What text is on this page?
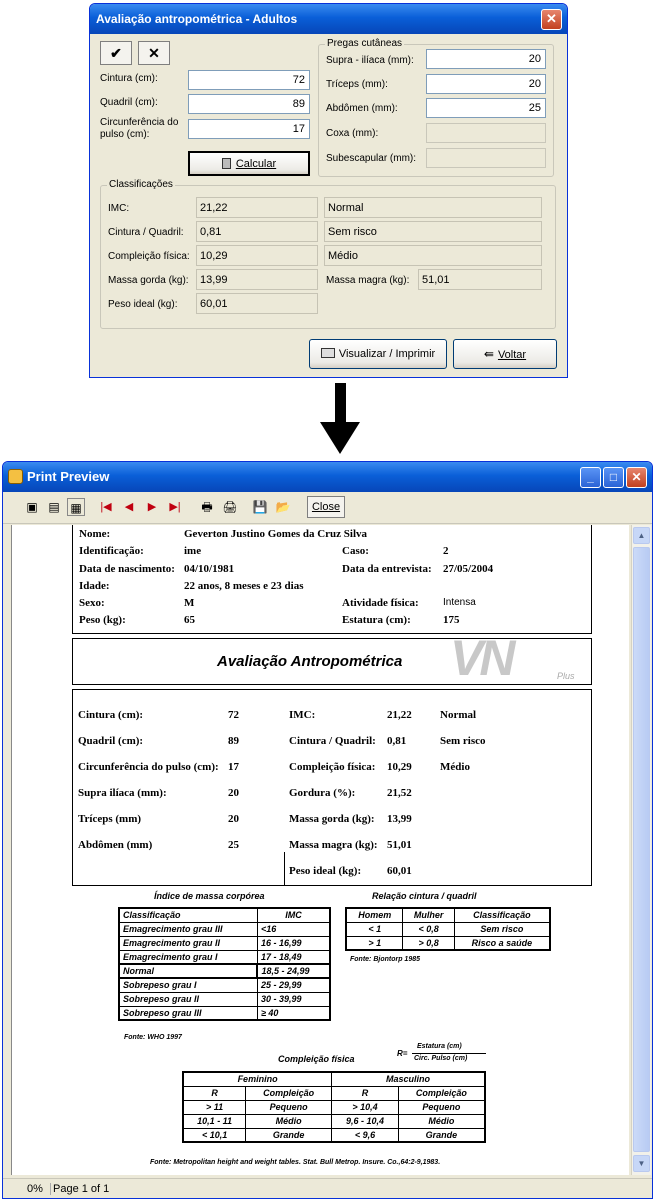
Avaliação antropométrica - Adultos	✕
✔	✕
Cintura (cm):	72
Quadril (cm):	89
Circunferência do
pulso (cm):	17
Calcular
Pregas cutâneas
Supra - ilíaca (mm):	20
Tríceps (mm):	20
Abdômen (mm):	25
Coxa (mm):
Subescapular (mm):
Classificações
IMC:	21,22	Normal
Cintura / Quadril:	0,81	Sem risco
Compleição física: 10,29	Médio
Massa gorda (kg):	13,99	Massa magra (kg):	51,01
Peso ideal (kg):	60,01
Visualizar / Imprimir	⇚ Voltar
Print Preview	_	□	✕
▣ ▤ ▦	|◀	◀	▶	▶| 🖶 🖨 💾 📂	Close
Nome:	Geverton Justino Gomes da Cruz Silva
Identificação:	ime	Caso:	2
Data de nascimento: 04/10/1981	Data da entrevista: 27/05/2004
Idade:	22 anos, 8 meses e 23 dias
Sexo:	M	Atividade física: Intensa
Peso (kg):	65	Estatura (cm):	175
Avaliação Antropométrica VN	Plus
Cintura (cm):	72
Quadril (cm):	89
Circunferência do pulso (cm): 17
Supra ilíaca (mm):	20
Tríceps (mm)	20
Abdômen (mm)	25
IMC:	21,22	Normal
Cintura / Quadril: 0,81	Sem risco
Compleição física: 10,29	Médio
Gordura (%):	21,52
Massa gorda (kg): 13,99
Massa magra (kg): 51,01
Peso ideal (kg): 60,01
Índice de massa corpórea
Classificação	IMC
Emagrecimento grau III	<16
Emagrecimento grau II	16 - 16,99
Emagrecimento grau I	17 - 18,49
Normal	18,5 - 24,99
Sobrepeso grau I	25 - 29,99
Sobrepeso grau II	30 - 39,99
Sobrepeso grau III	≥ 40
Fonte: WHO 1997
Relação cintura / quadril
Homem	Mulher	Classificação
< 1	< 0,8	Sem risco
> 1	> 0,8	Risco a saúde
Fonte: Bjontorp 1985
Compleição física
R=
Estatura (cm)
Circ. Pulso (cm)
Feminino		Masculino	
R	Compleição	R	Compleição
> 11	Pequeno	> 10,4	Pequeno
10,1 - 11	Médio	9,6 - 10,4	Médio
< 10,1	Grande	< 9,6	Grande
Fonte: Metropolitan height and weight tables. Stat. Bull Metrop. Insure. Co.,64:2-9,1983.
▲
▼
0% Page 1 of 1
